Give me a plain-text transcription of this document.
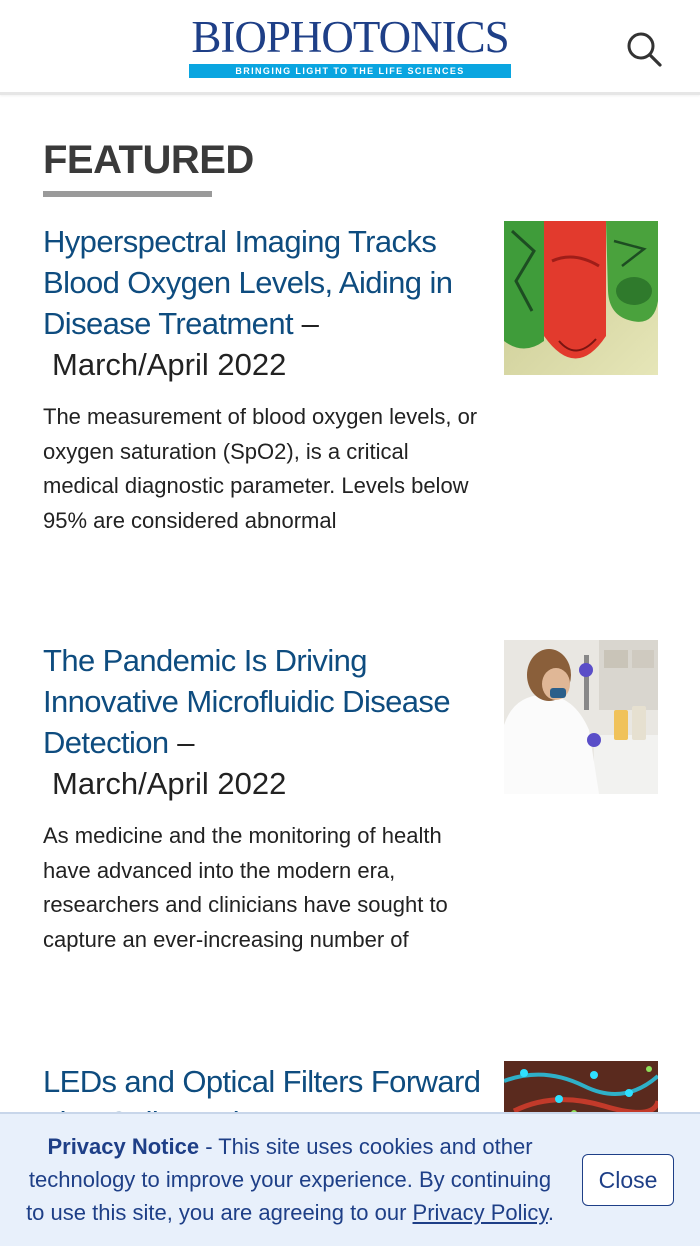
BIOPHOTONICS
BRINGING LIGHT TO THE LIFE SCIENCES
FEATURED
Hyperspectral Imaging Tracks Blood Oxygen Levels, Aiding in Disease Treatment –
March/April 2022
The measurement of blood oxygen levels, or oxygen saturation (SpO2), is a critical medical diagnostic parameter. Levels below 95% are considered abnormal
The Pandemic Is Driving Innovative Microfluidic Disease Detection –
March/April 2022
As medicine and the monitoring of health have advanced into the modern era, researchers and clinicians have sought to capture an ever-increasing number of
LEDs and Optical Filters Forward
Privacy Notice - This site uses cookies and other technology to improve your experience. By continuing to use this site, you are agreeing to our Privacy Policy.
Close
